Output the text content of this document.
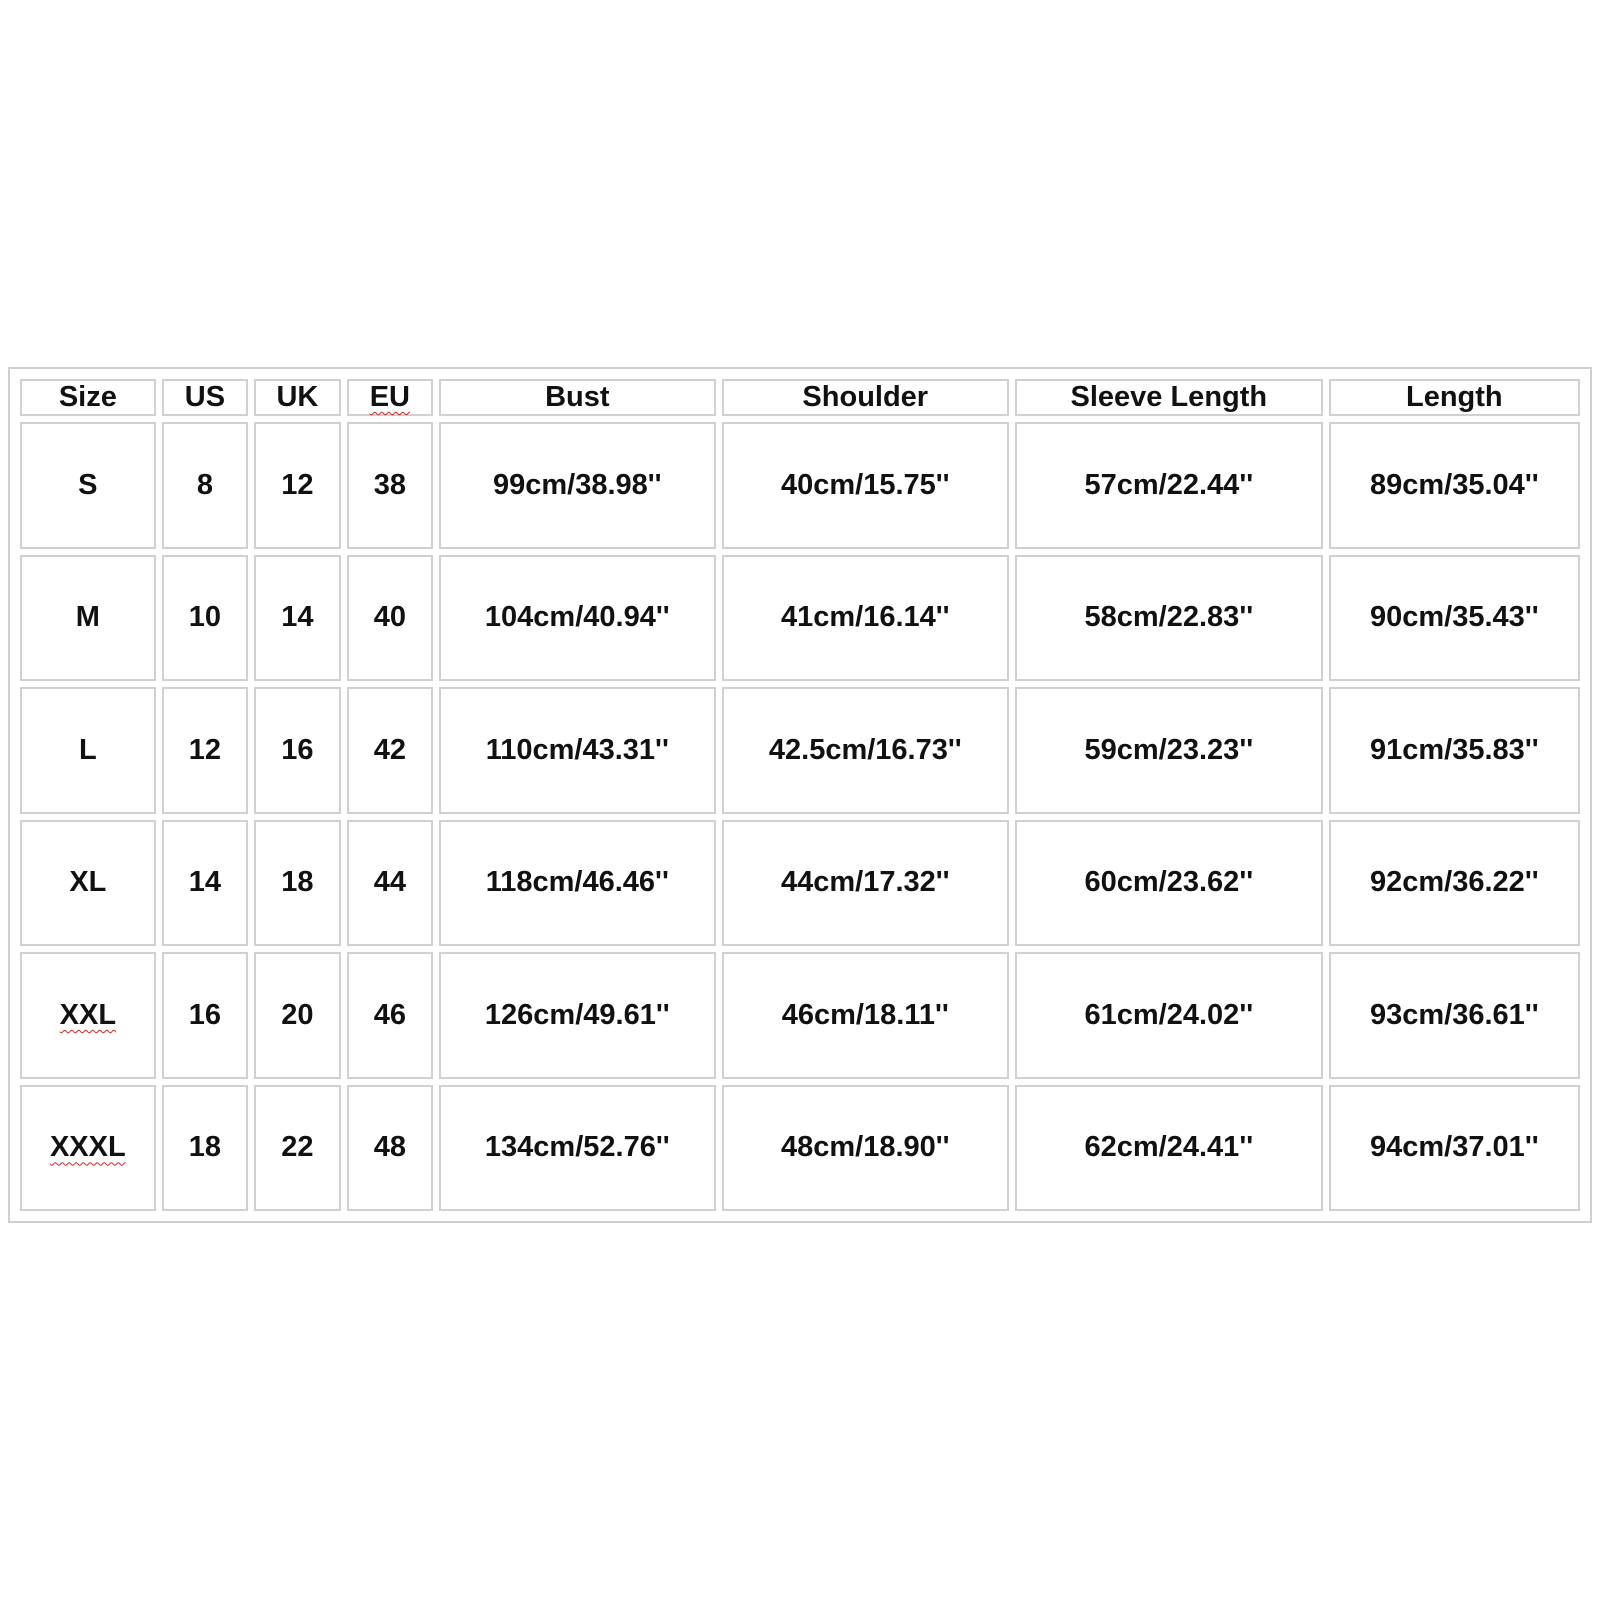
Size	US	UK	EU	Bust	Shoulder	Sleeve Length	Length
S	8	12	38	99cm/38.98''	40cm/15.75''	57cm/22.44''	89cm/35.04''
M	10	14	40	104cm/40.94''	41cm/16.14''	58cm/22.83''	90cm/35.43''
L	12	16	42	110cm/43.31''	42.5cm/16.73''	59cm/23.23''	91cm/35.83''
XL	14	18	44	118cm/46.46''	44cm/17.32''	60cm/23.62''	92cm/36.22''
XXL	16	20	46	126cm/49.61''	46cm/18.11''	61cm/24.02''	93cm/36.61''
XXXL	18	22	48	134cm/52.76''	48cm/18.90''	62cm/24.41''	94cm/37.01''
